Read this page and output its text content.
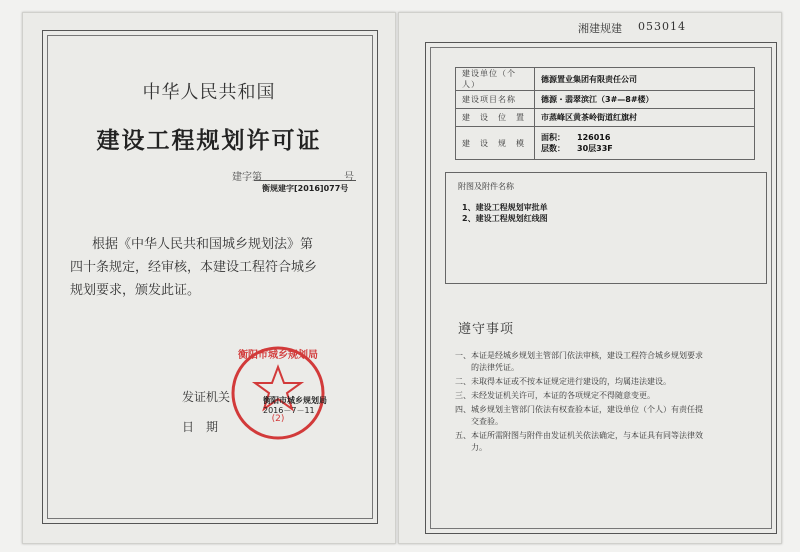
中华人民共和国
建设工程规划许可证
建字第	号
衡规建字[2016]077号
根据《中华人民共和国城乡规划法》第
四十条规定，经审核，本建设工程符合城乡
规划要求，颁发此证。
发证机关
日　期
(2)
衡阳市城乡规划局
衡阳市城乡规划局
2016－7－11
湘建规建 053014
建设单位（个人）	德源置业集团有限责任公司
建设项目名称	德源・翡翠滨江（3#—8#楼）
建　设　位　置	市蒸峰区黄茶岭街道红旗村
建　设　规　模	面积：　　126016
层数：　　30层33F
附图及附件名称
1、建设工程规划审批单
2、建设工程规划红线图
遵守事项
一、本证是经城乡规划主管部门依法审核，建设工程符合城乡规划要求
　　的法律凭证。
二、未取得本证或不按本证规定进行建设的，均属违法建设。
三、未经发证机关许可，本证的各项规定不得随意变更。
四、城乡规划主管部门依法有权查验本证，建设单位（个人）有责任提
　　交查验。
五、本证所需附图与附件由发证机关依法确定，与本证具有同等法律效
　　力。
